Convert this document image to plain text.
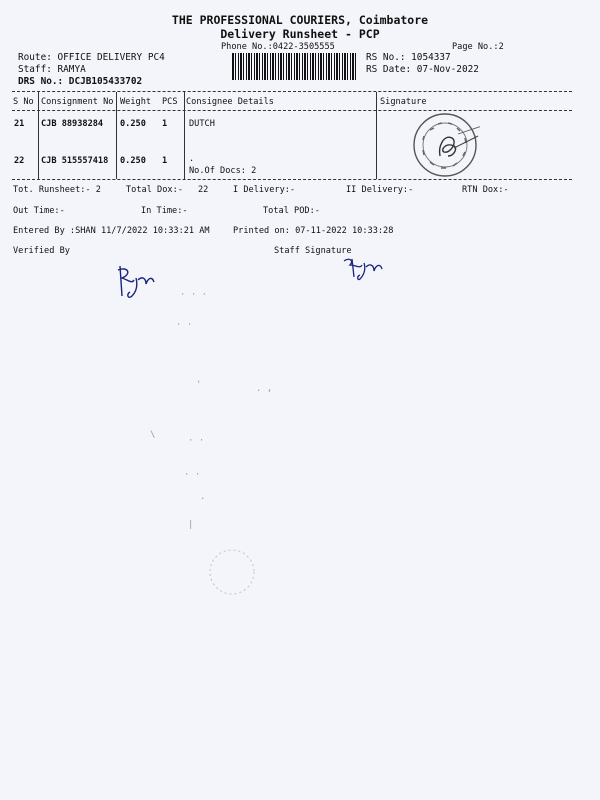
THE PROFESSIONAL COURIERS, Coimbatore
Delivery Runsheet - PCP
Phone No.:0422-3505555	Page No.:2
Route: OFFICE DELIVERY PC4
Staff: RAMYA
DRS No.: DCJB105433702
RS No.: 1054337
RS Date: 07-Nov-2022
S No Consignment No Weight PCS Consignee Details	Signature
21 CJB 88938284 0.250 1	DUTCH
22 CJB 515557418 0.250 1	.
No.Of Docs: 2
Tot. Runsheet:- 2	Total Dox:- 22	I Delivery:-	II Delivery:-	RTN Dox:-
Out Time:-	In Time:-	Total POD:-
Entered By :SHAN 11/7/2022 10:33:21 AM	Printed on: 07-11-2022 10:33:28
Verified By	Staff Signature
· · ·
· ·
'	. ,
\
· ·
· ·
.
|
